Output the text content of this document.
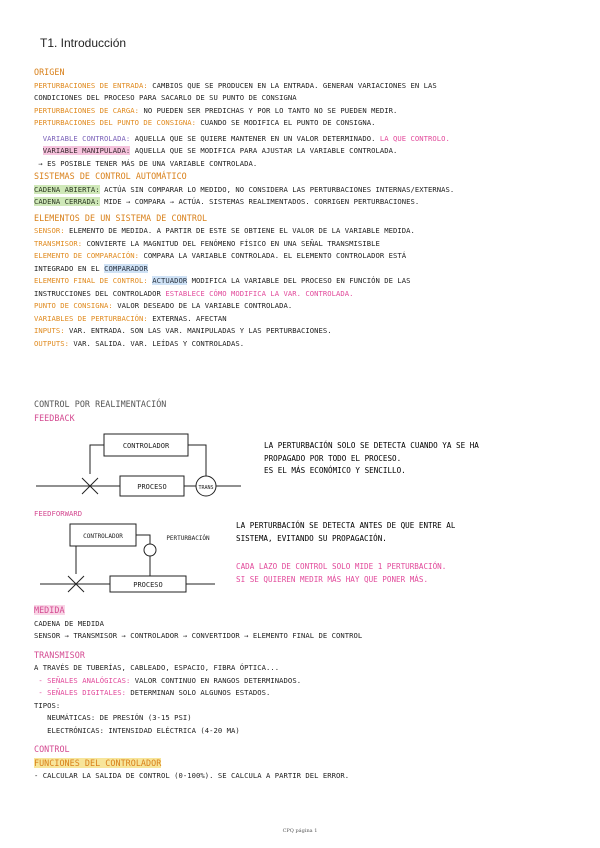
T1. Introducción
ORIGEN
PERTURBACIONES DE ENTRADA: CAMBIOS QUE SE PRODUCEN EN LA ENTRADA. GENERAN VARIACIONES EN LAS
CONDICIONES DEL PROCESO PARA SACARLO DE SU PUNTO DE CONSIGNA
PERTURBACIONES DE CARGA: NO PUEDEN SER PREDICHAS Y POR LO TANTO NO SE PUEDEN MEDIR.
PERTURBACIONES DEL PUNTO DE CONSIGNA: CUANDO SE MODIFICA EL PUNTO DE CONSIGNA.
VARIABLE CONTROLADA: AQUELLA QUE SE QUIERE MANTENER EN UN VALOR DETERMINADO. LA QUE CONTROLO.
VARIABLE MANIPULADA: AQUELLA QUE SE MODIFICA PARA AJUSTAR LA VARIABLE CONTROLADA.
→ ES POSIBLE TENER MÁS DE UNA VARIABLE CONTROLADA.
SISTEMAS DE CONTROL AUTOMÁTICO
CADENA ABIERTA: ACTÚA SIN COMPARAR LO MEDIDO, NO CONSIDERA LAS PERTURBACIONES INTERNAS/EXTERNAS.
CADENA CERRADA: MIDE → COMPARA → ACTÚA. SISTEMAS REALIMENTADOS. CORRIGEN PERTURBACIONES.
ELEMENTOS DE UN SISTEMA DE CONTROL
SENSOR: ELEMENTO DE MEDIDA. A PARTIR DE ESTE SE OBTIENE EL VALOR DE LA VARIABLE MEDIDA.
TRANSMISOR: CONVIERTE LA MAGNITUD DEL FENÓMENO FÍSICO EN UNA SEÑAL TRANSMISIBLE
ELEMENTO DE COMPARACIÓN: COMPARA LA VARIABLE CONTROLADA. EL ELEMENTO CONTROLADOR ESTÁ
INTEGRADO EN EL COMPARADOR
ELEMENTO FINAL DE CONTROL: ACTUADOR MODIFICA LA VARIABLE DEL PROCESO EN FUNCIÓN DE LAS
INSTRUCCIONES DEL CONTROLADOR ESTABLECE CÓMO MODIFICA LA VAR. CONTROLADA.
PUNTO DE CONSIGNA: VALOR DESEADO DE LA VARIABLE CONTROLADA.
VARIABLES DE PERTURBACIÓN: EXTERNAS. AFECTAN
INPUTS: VAR. ENTRADA. SON LAS VAR. MANIPULADAS Y LAS PERTURBACIONES.
OUTPUTS: VAR. SALIDA. VAR. LEÍDAS Y CONTROLADAS.
CONTROL POR REALIMENTACIÓN
FEEDBACK
CONTROLADOR
PROCESO	TRANS
LA PERTURBACIÓN SOLO SE DETECTA CUANDO YA SE HA
PROPAGADO POR TODO EL PROCESO.
ES EL MÁS ECONÓMICO Y SENCILLO.
FEEDFORWARD
CONTROLADOR	PERTURBACIÓN
PROCESO
LA PERTURBACIÓN SE DETECTA ANTES DE QUE ENTRE AL
SISTEMA, EVITANDO SU PROPAGACIÓN.
CADA LAZO DE CONTROL SOLO MIDE 1 PERTURBACIÓN.
SI SE QUIEREN MEDIR MÁS HAY QUE PONER MÁS.
MEDIDA
CADENA DE MEDIDA
SENSOR → TRANSMISOR → CONTROLADOR → CONVERTIDOR → ELEMENTO FINAL DE CONTROL
TRANSMISOR
A TRAVÉS DE TUBERÍAS, CABLEADO, ESPACIO, FIBRA ÓPTICA...
- SEÑALES ANALÓGICAS: VALOR CONTINUO EN RANGOS DETERMINADOS.
- SEÑALES DIGITALES: DETERMINAN SOLO ALGUNOS ESTADOS.
TIPOS:
NEUMÁTICAS: DE PRESIÓN (3-15 PSI)
ELECTRÓNICAS: INTENSIDAD ELÉCTRICA (4-20 MA)
CONTROL
FUNCIONES DEL CONTROLADOR
- CALCULAR LA SALIDA DE CONTROL (0-100%). SE CALCULA A PARTIR DEL ERROR.
CPQ página 1
